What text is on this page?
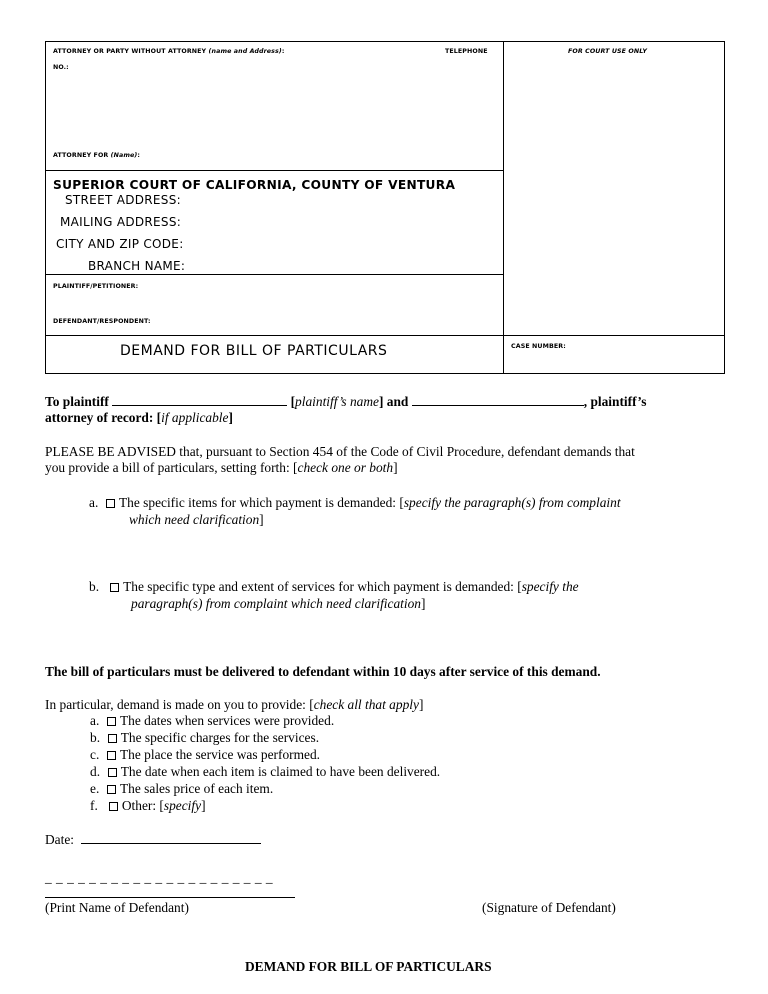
ATTORNEY OR PARTY WITHOUT ATTORNEY (name and Address):	TELEPHONE
NO.:
FOR COURT USE ONLY
ATTORNEY FOR (Name):
SUPERIOR COURT OF CALIFORNIA, COUNTY OF VENTURA
STREET ADDRESS:
MAILING ADDRESS:
CITY AND ZIP CODE:
BRANCH NAME:
PLAINTIFF/PETITIONER:
DEFENDANT/RESPONDENT:
DEMAND FOR BILL OF PARTICULARS	CASE NUMBER:
To plaintiff	[plaintiff’s name] and	, plaintiff’s
attorney of record: [if applicable]
PLEASE BE ADVISED that, pursuant to Section 454 of the Code of Civil Procedure, defendant demands that
you provide a bill of particulars, setting forth: [check one or both]
a. The specific items for which payment is demanded: [specify the paragraph(s) from complaint
which need clarification]
b. The specific type and extent of services for which payment is demanded: [specify the
paragraph(s) from complaint which need clarification]
The bill of particulars must be delivered to defendant within 10 days after service of this demand.
In particular, demand is made on you to provide: [check all that apply]
a. The dates when services were provided.
b. The specific charges for the services.
c. The place the service was performed.
d. The date when each item is claimed to have been delivered.
e. The sales price of each item.
f. Other: [specify]
Date:
_ _ _ _ _ _ _ _ _ _ _ _ _ _ _ _ _ _ _ _ _
(Print Name of Defendant)	(Signature of Defendant)
DEMAND FOR BILL OF PARTICULARS
